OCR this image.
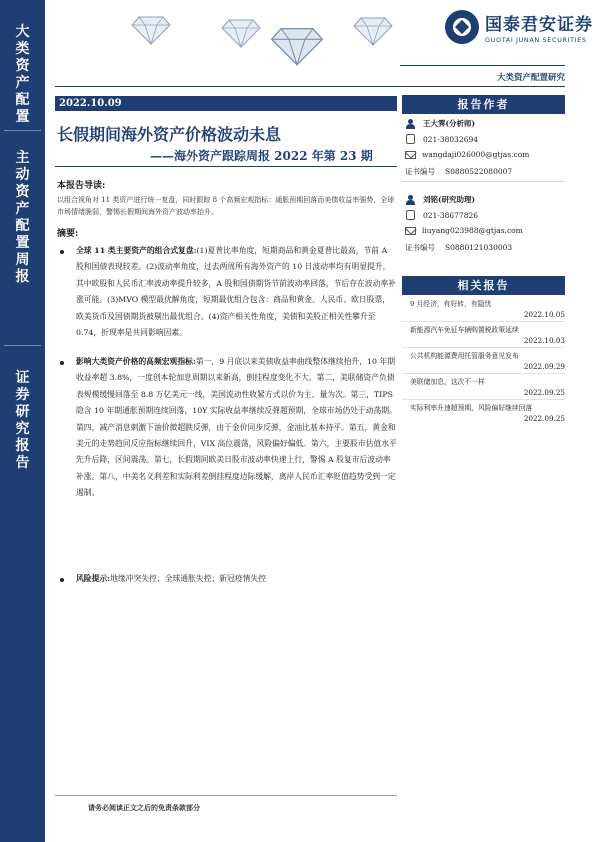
大类资产配置
主动资产配置周报
证券研究报告
国泰君安证券
GUOTAI JUNAN SECURITIES
大类资产配置研究
2022.10.09
长假期间海外资产价格波动未息
——海外资产跟踪周报 2022 年第 23 期
本报告导读:
以组合视角对 11 类资产进行统一复盘，同时跟踪 8 个高频宏观指标：通胀预期回落而美债收益率强势，全球市场情绪脆弱，警惕长假期间海外资产波动率抬升。
摘要:
全球 11 类主要资产的组合式复盘:(1)夏普比率角度，短期商品和黄金夏普比最高，节前 A 股和国债表现较差。(2)波动率角度，过去两周所有海外资产的 10 日波动率均有明显提升，其中欧股和人民币汇率波动率提升较多，A 股和国债期货节前波动率回落，节后存在波动率补涨可能。(3)MVO 模型最优解角度，短期最优组合包含：商品和黄金、人民币、欧日股票，欧美货币及国债期货被剔出最优组合。(4)资产相关性角度，美债和美股正相关性攀升至 0.74，折现率是共同影响因素。
影响大类资产价格的高频宏观指标:第一，9 月底以来美债收益率曲线整体继续抬升，10 年期收益率超 3.8%，一度创本轮加息周期以来新高，倒挂程度变化不大。第二，美联储资产负债表规模缓慢回落至 8.8 万亿美元一线，美国流动性收紧方式以价为主、量为次。第三，TIPS 隐含 10 年期通胀预期连续回落，10Y 实际收益率继续反弹超预期，全球市场仍处于动荡期。第四，减产消息刺激下油价微超跌反弹，由于金价同步反弹，金油比基本持平。第五，黄金和美元的走势趋同反应指标继续回升，VIX 高位震荡，风险偏好偏低。第六，主要股市估值水平先升后降，区间震荡。第七，长假期间欧美日股市波动率快速上行，警惕 A 股复市后波动率补涨。第八，中美名义利差和实际利差倒挂程度边际缓解，离岸人民币汇率贬值趋势受到一定遏制。
风险提示:地缘冲突失控；全球通胀失控；新冠疫情失控
请务必阅读正文之后的免责条款部分
报告作者
王大霁(分析师)
021-38032694
wangdaji026000@gtjas.com
证书编号 S0880522080007
刘铭(研究助理)
021-38677826
liuyang023988@gtjas.com
证书编号 S0880121030003
相关报告
9 月经济，有好转，有隐忧
2022.10.05
新能源汽车免征车辆购置税政策延续
2022.10.03
公共机构能源费用托管服务意见发布
2022.09.29
美联储加息，这次不一样
2022.09.25
实际利率升速超预期，风险偏好继续回落
2022.09.25
